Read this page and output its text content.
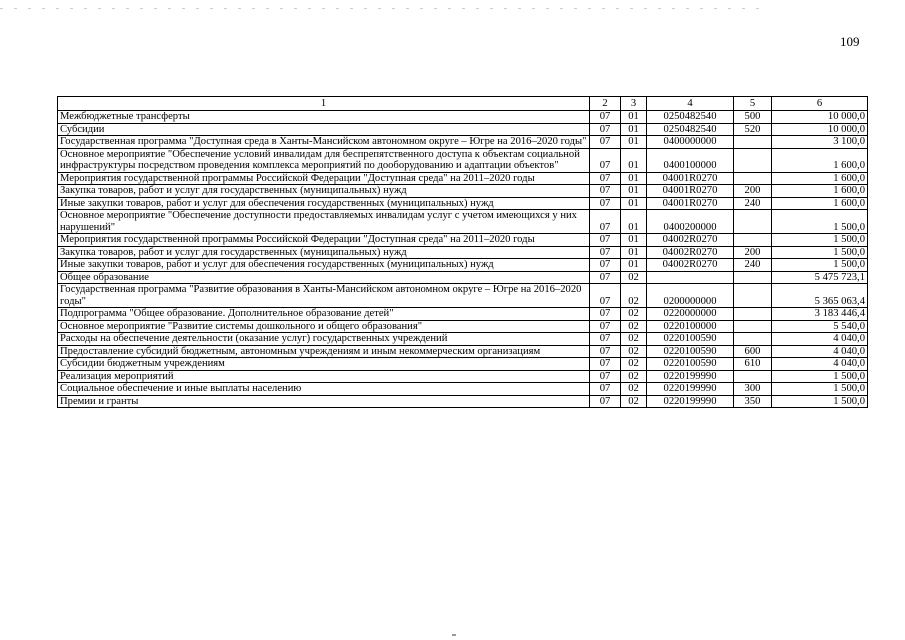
109
1	2	3	4	5	6
Межбюджетные трансферты	07	01	0250482540	500	10 000,0
Субсидии	07	01	0250482540	520	10 000,0
Государственная программа "Доступная среда в Ханты-Мансийском автономном округе – Югре на 2016–2020 годы"	07	01	0400000000		3 100,0
Основное мероприятие "Обеспечение условий инвалидам для беспрепятственного доступа к объектам социальной инфраструктуры посредством проведения комплекса мероприятий по дооборудованию и адаптации объектов"	07	01	0400100000		1 600,0
Мероприятия государственной программы Российской Федерации "Доступная среда" на 2011–2020 годы	07	01	04001R0270		1 600,0
Закупка товаров, работ и услуг для государственных (муниципальных) нужд	07	01	04001R0270	200	1 600,0
Иные закупки товаров, работ и услуг для обеспечения государственных (муниципальных) нужд	07	01	04001R0270	240	1 600,0
Основное мероприятие "Обеспечение доступности предоставляемых инвалидам услуг с учетом имеющихся у них нарушений"	07	01	0400200000		1 500,0
Мероприятия государственной программы Российской Федерации "Доступная среда" на 2011–2020 годы	07	01	04002R0270		1 500,0
Закупка товаров, работ и услуг для государственных (муниципальных) нужд	07	01	04002R0270	200	1 500,0
Иные закупки товаров, работ и услуг для обеспечения государственных (муниципальных) нужд	07	01	04002R0270	240	1 500,0
Общее образование	07	02			5 475 723,1
Государственная программа "Развитие образования в Ханты-Мансийском автономном округе – Югре на 2016–2020 годы"	07	02	0200000000		5 365 063,4
Подпрограмма "Общее образование. Дополнительное образование детей"	07	02	0220000000		3 183 446,4
Основное мероприятие "Развитие системы дошкольного и общего образования"	07	02	0220100000		5 540,0
Расходы на обеспечение деятельности (оказание услуг) государственных учреждений	07	02	0220100590		4 040,0
Предоставление субсидий бюджетным, автономным учреждениям и иным некоммерческим организациям	07	02	0220100590	600	4 040,0
Субсидии бюджетным учреждениям	07	02	0220100590	610	4 040,0
Реализация мероприятий	07	02	0220199990		1 500,0
Социальное обеспечение и иные выплаты населению	07	02	0220199990	300	1 500,0
Премии и гранты	07	02	0220199990	350	1 500,0
